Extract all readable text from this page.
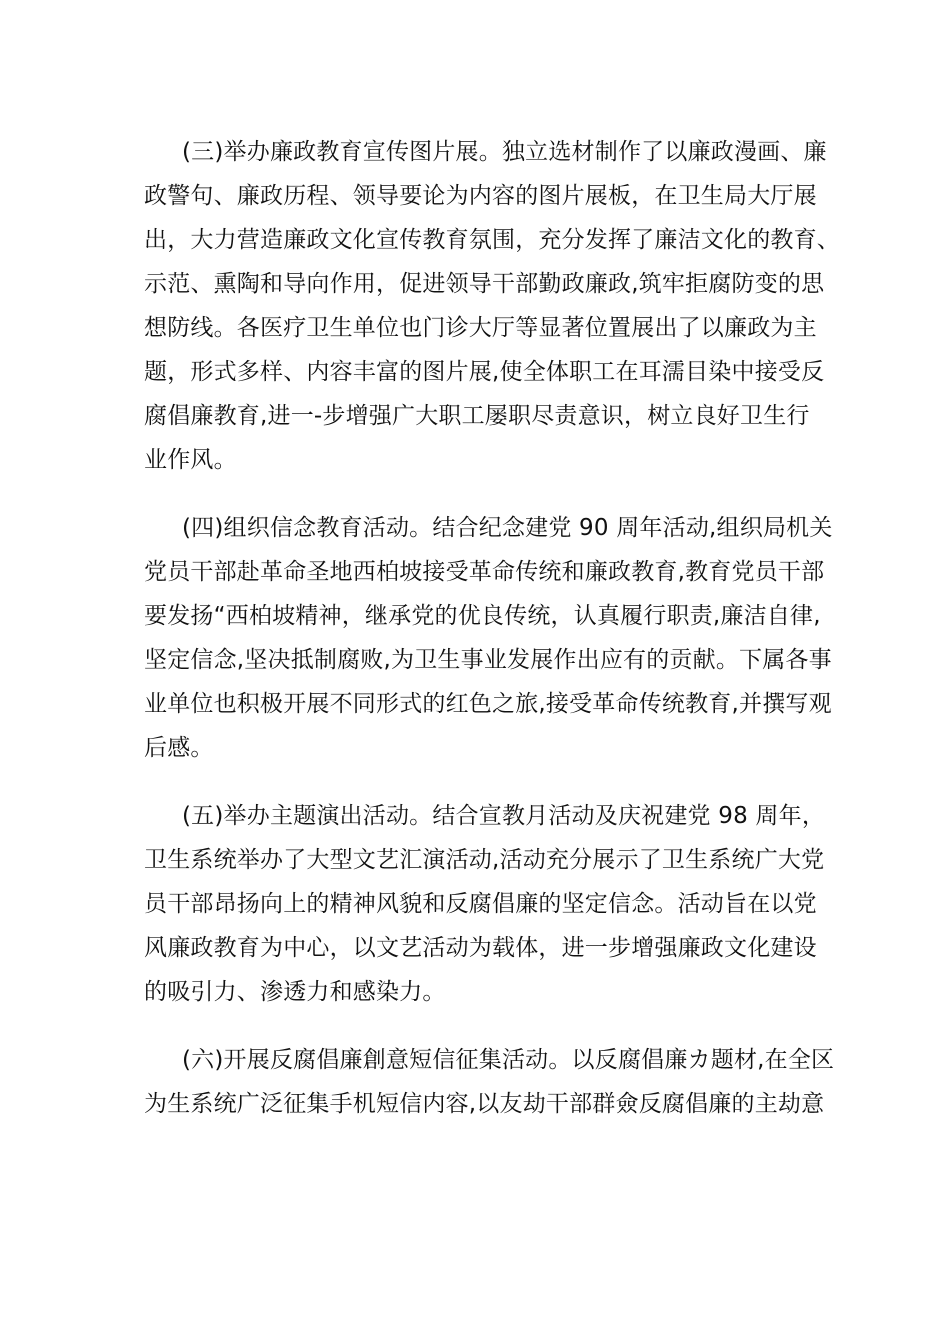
(三)举办廉政教育宣传图片展。独立选材制作了以廉政漫画、廉
政警句、廉政历程、领导要论为内容的图片展板，在卫生局大厅展
出，大力营造廉政文化宣传教育氛围，充分发挥了廉洁文化的教育、
示范、熏陶和导向作用，促进领导干部勤政廉政,筑牢拒腐防变的思
想防线。各医疗卫生单位也门诊大厅等显著位置展出了以廉政为主
题，形式多样、内容丰富的图片展,使全体职工在耳濡目染中接受反
腐倡廉教育,进一-步增强广大职工屡职尽责意识，树立良好卫生行
业作风。
(四)组织信念教育活动。结合纪念建党 90 周年活动,组织局机关
党员干部赴革命圣地西柏坡接受革命传统和廉政教育,教育党员干部
要发扬“西柏坡精神，继承党的优良传统，认真履行职责,廉洁自律,
坚定信念,坚决抵制腐败,为卫生事业发展作出应有的贡献。下属各事
业单位也积极开展不同形式的红色之旅,接受革命传统教育,并撰写观
后感。
(五)举办主题演出活动。结合宣教月活动及庆祝建党 98 周年，
卫生系统举办了大型文艺汇演活动,活动充分展示了卫生系统广大党
员干部昂扬向上的精神风貌和反腐倡廉的坚定信念。活动旨在以党
风廉政教育为中心，以文艺活动为载体，进一步增强廉政文化建设
的吸引力、渗透力和感染力。
(六)开展反腐倡廉創意短信征集活动。以反腐倡廉カ题材,在全区
为生系统广泛征集手机短信内容,以友劫干部群僉反腐倡廉的主劫意
